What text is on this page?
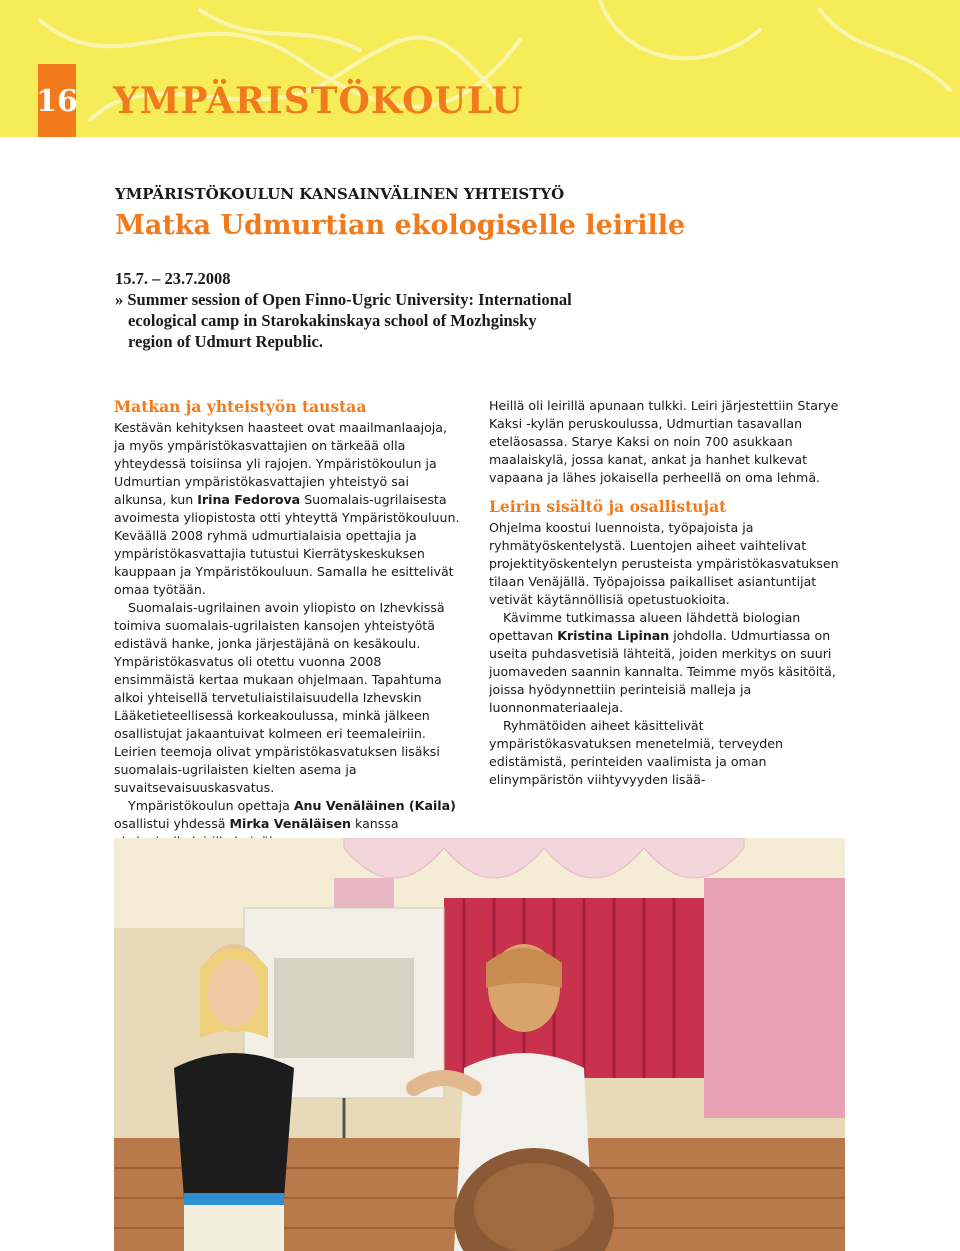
16 YMPÄRISTÖKOULU
YMPÄRISTÖKOULUN KANSAINVÄLINEN YHTEISTYÖ
Matka Udmurtian ekologiselle leirille
15.7. – 23.7.2008
» Summer session of Open Finno-Ugric University: International ecological camp in Starokakinskaya school of Mozhginsky region of Udmurt Republic.
Matkan ja yhteistyön taustaa

Kestävän kehityksen haasteet ovat maailmanlaajoja, ja myös ympäristökasvattajien on tärkeää olla yhteydessä toisiinsa yli rajojen. Ympäristökoulun ja Udmurtian ympäristökasvattajien yhteistyö sai alkunsa, kun Irina Fedorova Suomalais-ugrilaisesta avoimesta yliopistosta otti yhteyttä Ympäristökouluun. Keväällä 2008 ryhmä udmurtialaisia opettajia ja ympäristökasvattajia tutustui Kierrätyskeskuksen kauppaan ja Ympäristökouluun. Samalla he esittelivät omaa työtään.

Suomalais-ugrilainen avoin yliopisto on Izhevkissä toimiva suomalais-ugrilaisten kansojen yhteistyötä edistävä hanke, jonka järjestäjänä on kesäkoulu. Ympäristökasvatus oli otettu vuonna 2008 ensimmäistä kertaa mukaan ohjelmaan. Tapahtuma alkoi yhteisellä tervetuliaistilaisuudella Izhevskin Lääketieteellisessä korkeakoulussa, minkä jälkeen osallistujat jakaantuivat kolmeen eri teemaleiriin. Leirien teemoja olivat ympäristökasvatuksen lisäksi suomalais-ugrilaisten kielten asema ja suvaitsevaisuuskasvatus.

Ympäristökoulun opettaja Anu Venäläinen (Kaila) osallistui yhdessä Mirka Venäläisen kanssa

Heillä oli leirillä apunaan tulkki. Leiri järjestettiin Starye Kaksi -kylän peruskoulussa, Udmurtian tasavallan eteläosassa. Starye Kaksi on noin 700 asukkaan maalaiskylä, jossa kanat, ankat ja hanhet kulkevat vapaana ja lähes jokaisella perheellä on oma lehmä.

Leirin sisältö ja osallistujat

Ohjelma koostui luennoista, työpajoista ja ryhmätyöskentelystä. Luentojen aiheet vaihtelivat projektityöskentelyn perusteista ympäristökasvatuksen tilaan Venäjällä. Työpajoissa paikalliset asiantuntijat vetivät käytännöllisiä opetustuokioita.

Kävimme tutkimassa alueen lähdettä biologian opettavan Kristina Lipinan johdolla. Udmurtiassa on useita puhdasvetisiä lähteitä, joiden merkitys on suuri juomaveden saannin kannalta. Teimme myös käsitöitä, joissa hyödynnettiin perinteisiä malleja ja luonnonmateriaaleja.

Ryhmätöiden aiheet käsittelivät ympäristökasvatuksen menetelmiä, terveyden edistämistä, perinteiden vaalimista ja oman elinympäristön viihtyvyyden lisää-
